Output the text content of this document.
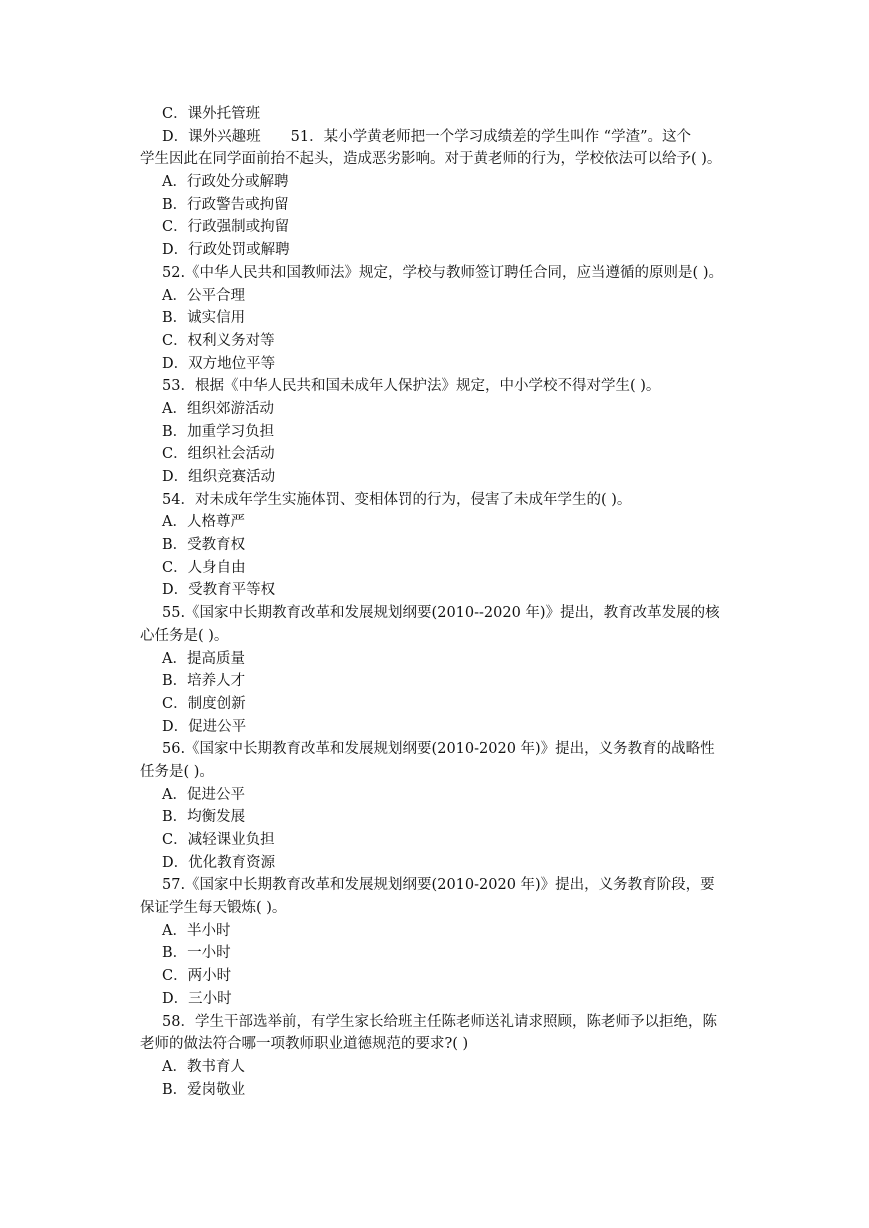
C．课外托管班
D．课外兴趣班 51．某小学黄老师把一个学习成绩差的学生叫作 “学渣”。这个
学生因此在同学面前抬不起头，造成恶劣影响。对于黄老师的行为，学校依法可以给予( )。
A．行政处分或解聘
B．行政警告或拘留
C．行政强制或拘留
D．行政处罚或解聘
52.《中华人民共和国教师法》规定，学校与教师签订聘任合同，应当遵循的原则是( )。
A．公平合理
B．诚实信用
C．权利义务对等
D．双方地位平等
53．根据《中华人民共和国未成年人保护法》规定，中小学校不得对学生( )。
A．组织郊游活动
B．加重学习负担
C．组织社会活动
D．组织竞赛活动
54．对未成年学生实施体罚、变相体罚的行为，侵害了未成年学生的( )。
A．人格尊严
B．受教育权
C．人身自由
D．受教育平等权
55.《国家中长期教育改革和发展规划纲要(2010--2020 年)》提出，教育改革发展的核
心任务是( )。
A．提高质量
B．培养人才
C．制度创新
D．促进公平
56.《国家中长期教育改革和发展规划纲要(2010-2020 年)》提出，义务教育的战略性
任务是( )。
A．促进公平
B．均衡发展
C．减轻课业负担
D．优化教育资源
57.《国家中长期教育改革和发展规划纲要(2010-2020 年)》提出，义务教育阶段，要
保证学生每天锻炼( )。
A．半小时
B．一小时
C．两小时
D．三小时
58．学生干部选举前，有学生家长给班主任陈老师送礼请求照顾，陈老师予以拒绝，陈
老师的做法符合哪一项教师职业道德规范的要求?( )
A．教书育人
B．爱岗敬业
